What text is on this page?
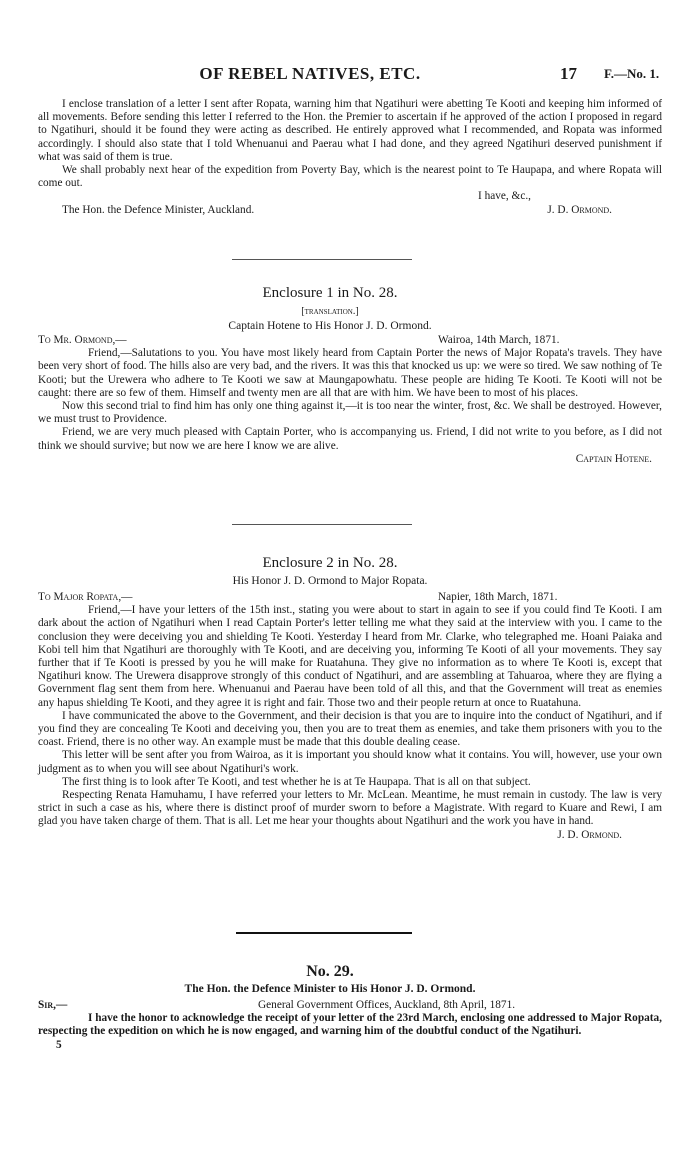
OF REBEL NATIVES, ETC.	17 F.—No. 1.

I enclose translation of a letter I sent after Ropata, warning him that Ngatihuri were abetting Te Kooti and keeping him informed of all movements. Before sending this letter I referred to the Hon. the Premier to ascertain if he approved of the action I proposed in regard to Ngatihuri, should it be found they were acting as described. He entirely approved what I recommended, and Ropata was informed accordingly. I should also state that I told Whenuanui and Paerau what I had done, and they agreed Ngatihuri deserved punishment if what was said of them is true.

We shall probably next hear of the expedition from Poverty Bay, which is the nearest point to Te Haupapa, and where Ropata will come out.

I have, &c.,
The Hon. the Defence Minister, Auckland.	J. D. Ormond.
Enclosure 1 in No. 28.
[translation.]
Captain Hotene to His Honor J. D. Ormond.
To Mr. Ormond,—	Wairoa, 14th March, 1871.

Friend,—Salutations to you. You have most likely heard from Captain Porter the news of Major Ropata's travels. They have been very short of food. The hills also are very bad, and the rivers. It was this that knocked us up: we were so tired. We saw nothing of Te Kooti; but the Urewera who adhere to Te Kooti we saw at Maungapowhatu. These people are hiding Te Kooti. Te Kooti will not be caught: there are so few of them. Himself and twenty men are all that are with him. We have been to most of his places.

Now this second trial to find him has only one thing against it,—it is too near the winter, frost, &c. We shall be destroyed. However, we must trust to Providence.

Friend, we are very much pleased with Captain Porter, who is accompanying us. Friend, I did not write to you before, as I did not think we should survive; but now we are here I know we are alive.

Captain Hotene.
Enclosure 2 in No. 28.
His Honor J. D. Ormond to Major Ropata.
To Major Ropata,—	Napier, 18th March, 1871.

Friend,—I have your letters of the 15th inst., stating you were about to start in again to see if you could find Te Kooti. I am dark about the action of Ngatihuri when I read Captain Porter's letter telling me what they said at the interview with you. I came to the conclusion they were deceiving you and shielding Te Kooti. Yesterday I heard from Mr. Clarke, who telegraphed me. Hoani Paiaka and Kobi tell him that Ngatihuri are thoroughly with Te Kooti, and are deceiving you, informing Te Kooti of all your movements. They say further that if Te Kooti is pressed by you he will make for Ruatahuna. They give no information as to where Te Kooti is, except that Ngatihuri know. The Urewera disapprove strongly of this conduct of Ngatihuri, and are assembling at Tahuaroa, where they are flying a Government flag sent them from here. Whenuanui and Paerau have been told of all this, and that the Government will treat as enemies any hapus shielding Te Kooti, and they agree it is right and fair. Those two and their people return at once to Ruatahuna.

I have communicated the above to the Government, and their decision is that you are to inquire into the conduct of Ngatihuri, and if you find they are concealing Te Kooti and deceiving you, then you are to treat them as enemies, and take them prisoners with you to the coast. Friend, there is no other way. An example must be made that this double dealing cease.

This letter will be sent after you from Wairoa, as it is important you should know what it contains. You will, however, use your own judgment as to when you will see about Ngatihuri's work.

The first thing is to look after Te Kooti, and test whether he is at Te Haupapa. That is all on that subject.

Respecting Renata Hamuhamu, I have referred your letters to Mr. McLean. Meantime, he must remain in custody. The law is very strict in such a case as his, where there is distinct proof of murder sworn to before a Magistrate. With regard to Kuare and Rewi, I am glad you have taken charge of them. That is all. Let me hear your thoughts about Ngatihuri and the work you have in hand.

J. D. Ormond.
No. 29.
The Hon. the Defence Minister to His Honor J. D. Ormond.
Sir,—	General Government Offices, Auckland, 8th April, 1871.

I have the honor to acknowledge the receipt of your letter of the 23rd March, enclosing one addressed to Major Ropata, respecting the expedition on which he is now engaged, and warning him of the doubtful conduct of the Ngatihuri.

5
